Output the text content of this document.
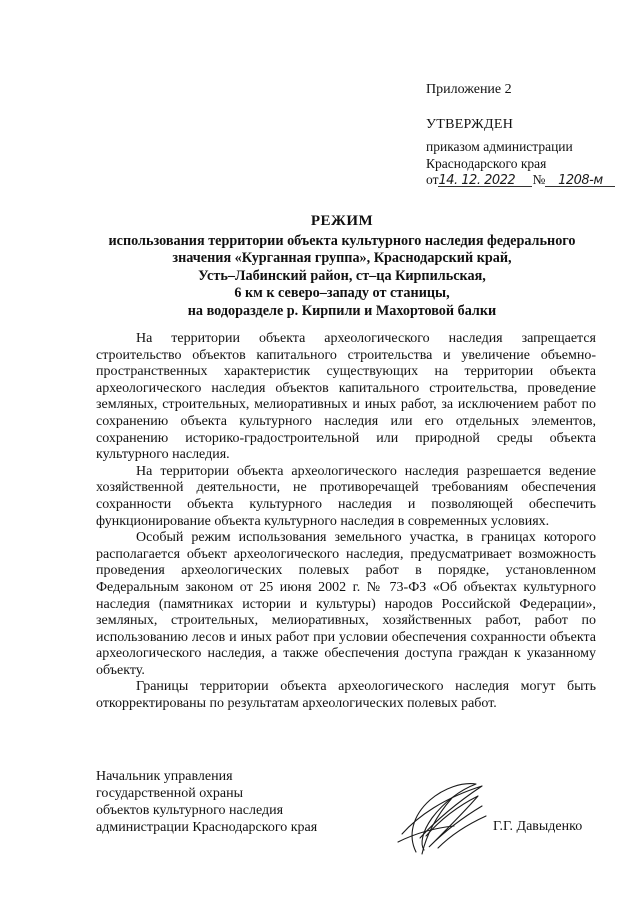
Приложение 2
УТВЕРЖДЕН
приказом администрации
Краснодарского края
от14. 12. 2022 № 1208-м
РЕЖИМ
использования территории объекта культурного наследия федерального
значения «Курганная группа», Краснодарский край,
Усть–Лабинский район, ст–ца Кирпильская,
6 км к северо–западу от станицы,
на водоразделе р. Кирпили и Махортовой балки

На территории объекта археологического наследия запрещается строительство объектов капитального строительства и увеличение объемно-пространственных характеристик существующих на территории объекта археологического наследия объектов капитального строительства, проведение земляных, строительных, мелиоративных и иных работ, за исключением работ по сохранению объекта культурного наследия или его отдельных элементов, сохранению историко-градостроительной или природной среды объекта культурного наследия.

На территории объекта археологического наследия разрешается ведение хозяйственной деятельности, не противоречащей требованиям обеспечения сохранности объекта культурного наследия и позволяющей обеспечить функционирование объекта культурного наследия в современных условиях.

Особый режим использования земельного участка, в границах которого располагается объект археологического наследия, предусматривает возможность проведения археологических полевых работ в порядке, установленном Федеральным законом от 25 июня 2002 г. № 73-ФЗ «Об объектах культурного наследия (памятниках истории и культуры) народов Российской Федерации», земляных, строительных, мелиоративных, хозяйственных работ, работ по использованию лесов и иных работ при условии обеспечения сохранности объекта археологического наследия, а также обеспечения доступа граждан к указанному объекту.

Границы территории объекта археологического наследия могут быть откорректированы по результатам археологических полевых работ.

Начальник управления
государственной охраны
объектов культурного наследия
администрации Краснодарского края	Г.Г. Давыденко
